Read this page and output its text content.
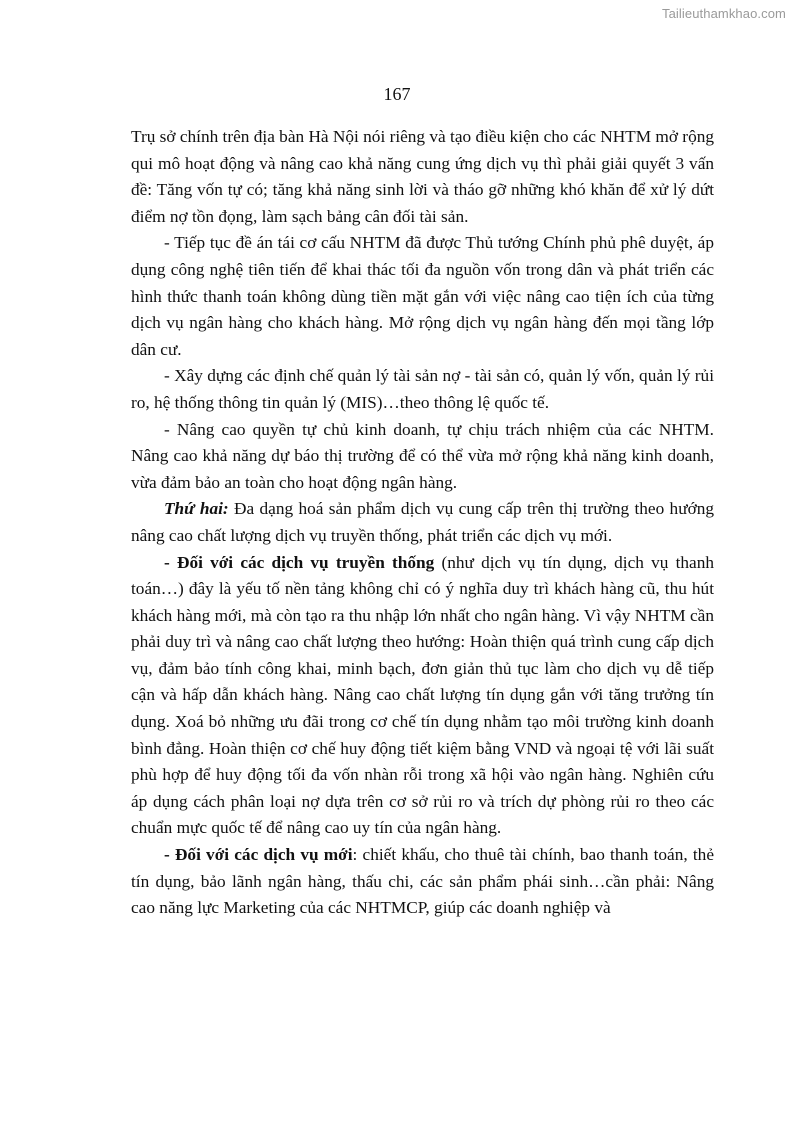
Tailieuthamkhao.com
167

Trụ sở chính trên địa bàn Hà Nội nói riêng và tạo điều kiện cho các NHTM mở rộng qui mô hoạt động và nâng cao khả năng cung ứng dịch vụ thì phải giải quyết 3 vấn đề: Tăng vốn tự có; tăng khả năng sinh lời và tháo gỡ những khó khăn để xử lý dứt điểm nợ tồn đọng, làm sạch bảng cân đối tài sản.

- Tiếp tục đề án tái cơ cấu NHTM đã được Thủ tướng Chính phủ phê duyệt, áp dụng công nghệ tiên tiến để khai thác tối đa nguồn vốn trong dân và phát triển các hình thức thanh toán không dùng tiền mặt gắn với việc nâng cao tiện ích của từng dịch vụ ngân hàng cho khách hàng. Mở rộng dịch vụ ngân hàng đến mọi tầng lớp dân cư.

- Xây dựng các định chế quản lý tài sản nợ - tài sản có, quản lý vốn, quản lý rủi ro, hệ thống thông tin quản lý (MIS)…theo thông lệ quốc tế.

- Nâng cao quyền tự chủ kinh doanh, tự chịu trách nhiệm của các NHTM. Nâng cao khả năng dự báo thị trường để có thể vừa mở rộng khả năng kinh doanh, vừa đảm bảo an toàn cho hoạt động ngân hàng.

Thứ hai: Đa dạng hoá sản phẩm dịch vụ cung cấp trên thị trường theo hướng nâng cao chất lượng dịch vụ truyền thống, phát triển các dịch vụ mới.

- Đối với các dịch vụ truyền thống (như dịch vụ tín dụng, dịch vụ thanh toán…) đây là yếu tố nền tảng không chỉ có ý nghĩa duy trì khách hàng cũ, thu hút khách hàng mới, mà còn tạo ra thu nhập lớn nhất cho ngân hàng. Vì vậy NHTM cần phải duy trì và nâng cao chất lượng theo hướng: Hoàn thiện quá trình cung cấp dịch vụ, đảm bảo tính công khai, minh bạch, đơn giản thủ tục làm cho dịch vụ dễ tiếp cận và hấp dẫn khách hàng. Nâng cao chất lượng tín dụng gắn với tăng trưởng tín dụng. Xoá bỏ những ưu đãi trong cơ chế tín dụng nhằm tạo môi trường kinh doanh bình đẳng. Hoàn thiện cơ chế huy động tiết kiệm bằng VND và ngoại tệ với lãi suất phù hợp để huy động tối đa vốn nhàn rỗi trong xã hội vào ngân hàng. Nghiên cứu áp dụng cách phân loại nợ dựa trên cơ sở rủi ro và trích dự phòng rủi ro theo các chuẩn mực quốc tế để nâng cao uy tín của ngân hàng.

- Đối với các dịch vụ mới: chiết khấu, cho thuê tài chính, bao thanh toán, thẻ tín dụng, bảo lãnh ngân hàng, thấu chi, các sản phẩm phái sinh…cần phải: Nâng cao năng lực Marketing của các NHTMCP, giúp các doanh nghiệp và
